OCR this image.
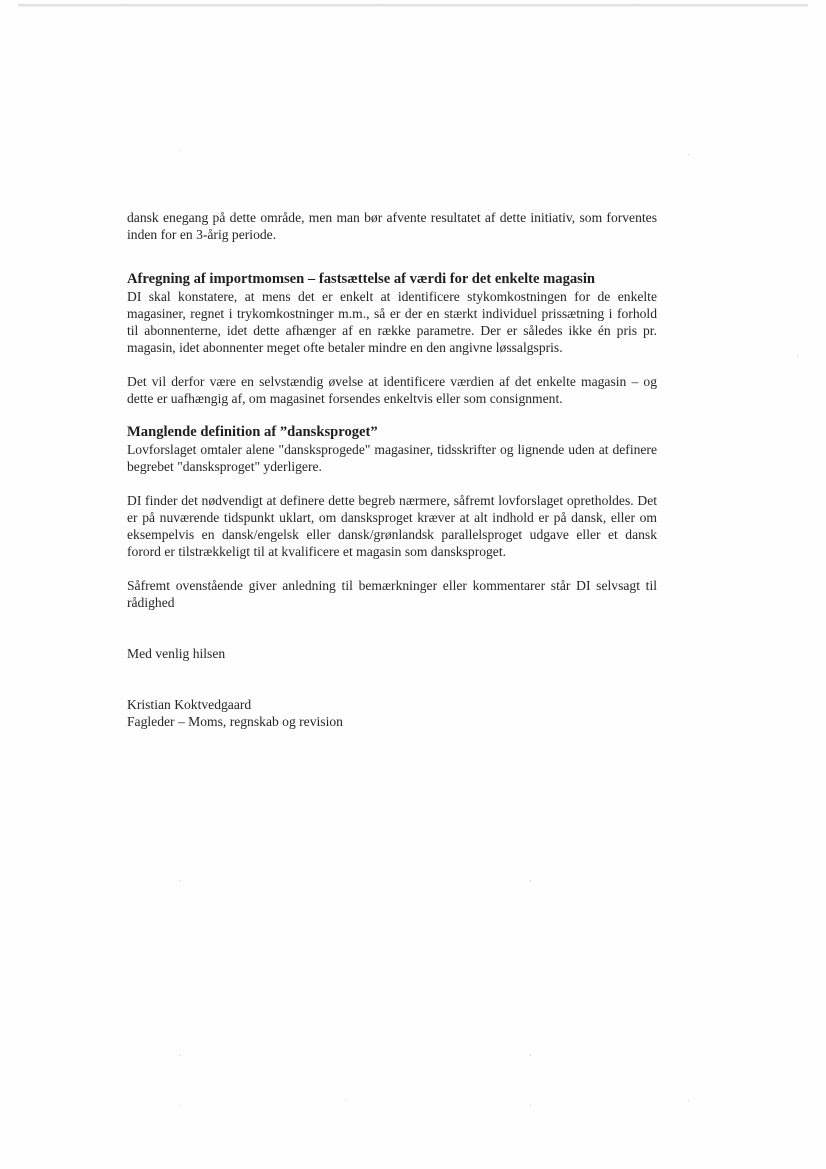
dansk enegang på dette område, men man bør afvente resultatet af dette initiativ, som forventes inden for en 3-årig periode.

Afregning af importmomsen – fastsættelse af værdi for det enkelte magasin

DI skal konstatere, at mens det er enkelt at identificere stykomkostningen for de enkelte magasiner, regnet i trykomkostninger m.m., så er der en stærkt individuel prissætning i forhold til abonnenterne, idet dette afhænger af en række parametre. Der er således ikke én pris pr. magasin, idet abonnenter meget ofte betaler mindre en den angivne løssalgspris.

Det vil derfor være en selvstændig øvelse at identificere værdien af det enkelte magasin – og dette er uafhængig af, om magasinet forsendes enkeltvis eller som consignment.

Manglende definition af ”dansksproget”

Lovforslaget omtaler alene "dansksprogede" magasiner, tidsskrifter og lignende uden at definere begrebet "dansksproget" yderligere.

DI finder det nødvendigt at definere dette begreb nærmere, såfremt lovforslaget opretholdes. Det er på nuværende tidspunkt uklart, om dansksproget kræver at alt indhold er på dansk, eller om eksempelvis en dansk/engelsk eller dansk/grønlandsk parallelsproget udgave eller et dansk forord er tilstrækkeligt til at kvalificere et magasin som dansksproget.

Såfremt ovenstående giver anledning til bemærkninger eller kommentarer står DI selvsagt til rådighed

Med venlig hilsen

Kristian Koktvedgaard

Fagleder – Moms, regnskab og revision
